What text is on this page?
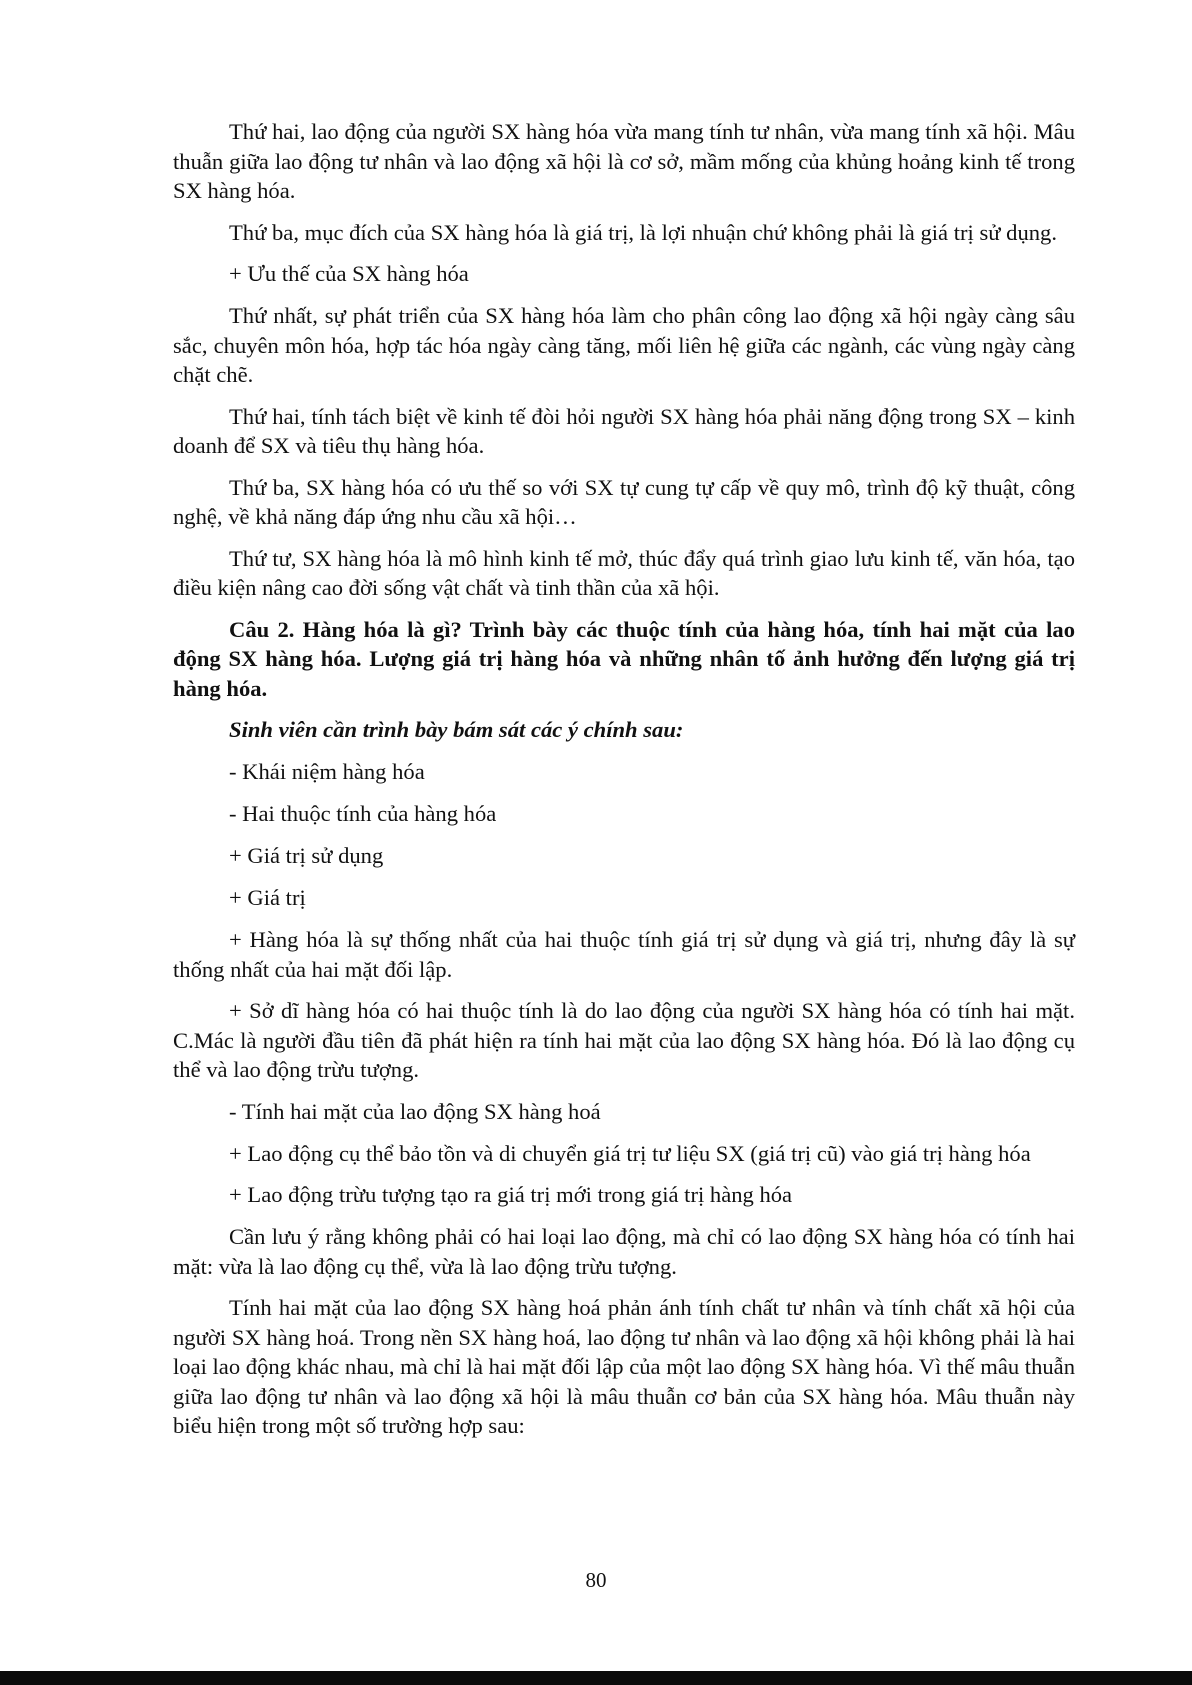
Thứ hai, lao động của người SX hàng hóa vừa mang tính tư nhân, vừa mang tính xã hội. Mâu thuẫn giữa lao động tư nhân và lao động xã hội là cơ sở, mầm mống của khủng hoảng kinh tế trong SX hàng hóa.

Thứ ba, mục đích của SX hàng hóa là giá trị, là lợi nhuận chứ không phải là giá trị sử dụng.

+ Ưu thế của SX hàng hóa

Thứ nhất, sự phát triển của SX hàng hóa làm cho phân công lao động xã hội ngày càng sâu sắc, chuyên môn hóa, hợp tác hóa ngày càng tăng, mối liên hệ giữa các ngành, các vùng ngày càng chặt chẽ.

Thứ hai, tính tách biệt về kinh tế đòi hỏi người SX hàng hóa phải năng động trong SX – kinh doanh để SX và tiêu thụ hàng hóa.

Thứ ba, SX hàng hóa có ưu thế so với SX tự cung tự cấp về quy mô, trình độ kỹ thuật, công nghệ, về khả năng đáp ứng nhu cầu xã hội…

Thứ tư, SX hàng hóa là mô hình kinh tế mở, thúc đẩy quá trình giao lưu kinh tế, văn hóa, tạo điều kiện nâng cao đời sống vật chất và tinh thần của xã hội.

Câu 2. Hàng hóa là gì? Trình bày các thuộc tính của hàng hóa, tính hai mặt của lao động SX hàng hóa. Lượng giá trị hàng hóa và những nhân tố ảnh hưởng đến lượng giá trị hàng hóa.

Sinh viên cần trình bày bám sát các ý chính sau:

- Khái niệm hàng hóa

- Hai thuộc tính của hàng hóa

+ Giá trị sử dụng

+ Giá trị

+ Hàng hóa là sự thống nhất của hai thuộc tính giá trị sử dụng và giá trị, nhưng đây là sự thống nhất của hai mặt đối lập.

+ Sở dĩ hàng hóa có hai thuộc tính là do lao động của người SX hàng hóa có tính hai mặt. C.Mác là người đầu tiên đã phát hiện ra tính hai mặt của lao động SX hàng hóa. Đó là lao động cụ thể và lao động trừu tượng.

- Tính hai mặt của lao động SX hàng hoá

+ Lao động cụ thể bảo tồn và di chuyển giá trị tư liệu SX (giá trị cũ) vào giá trị hàng hóa

+ Lao động trừu tượng tạo ra giá trị mới trong giá trị hàng hóa

Cần lưu ý rằng không phải có hai loại lao động, mà chỉ có lao động SX hàng hóa có tính hai mặt: vừa là lao động cụ thể, vừa là lao động trừu tượng.

Tính hai mặt của lao động SX hàng hoá phản ánh tính chất tư nhân và tính chất xã hội của người SX hàng hoá. Trong nền SX hàng hoá, lao động tư nhân và lao động xã hội không phải là hai loại lao động khác nhau, mà chỉ là hai mặt đối lập của một lao động SX hàng hóa. Vì thế mâu thuẫn giữa lao động tư nhân và lao động xã hội là mâu thuẫn cơ bản của SX hàng hóa. Mâu thuẫn này biểu hiện trong một số trường hợp sau:

80
